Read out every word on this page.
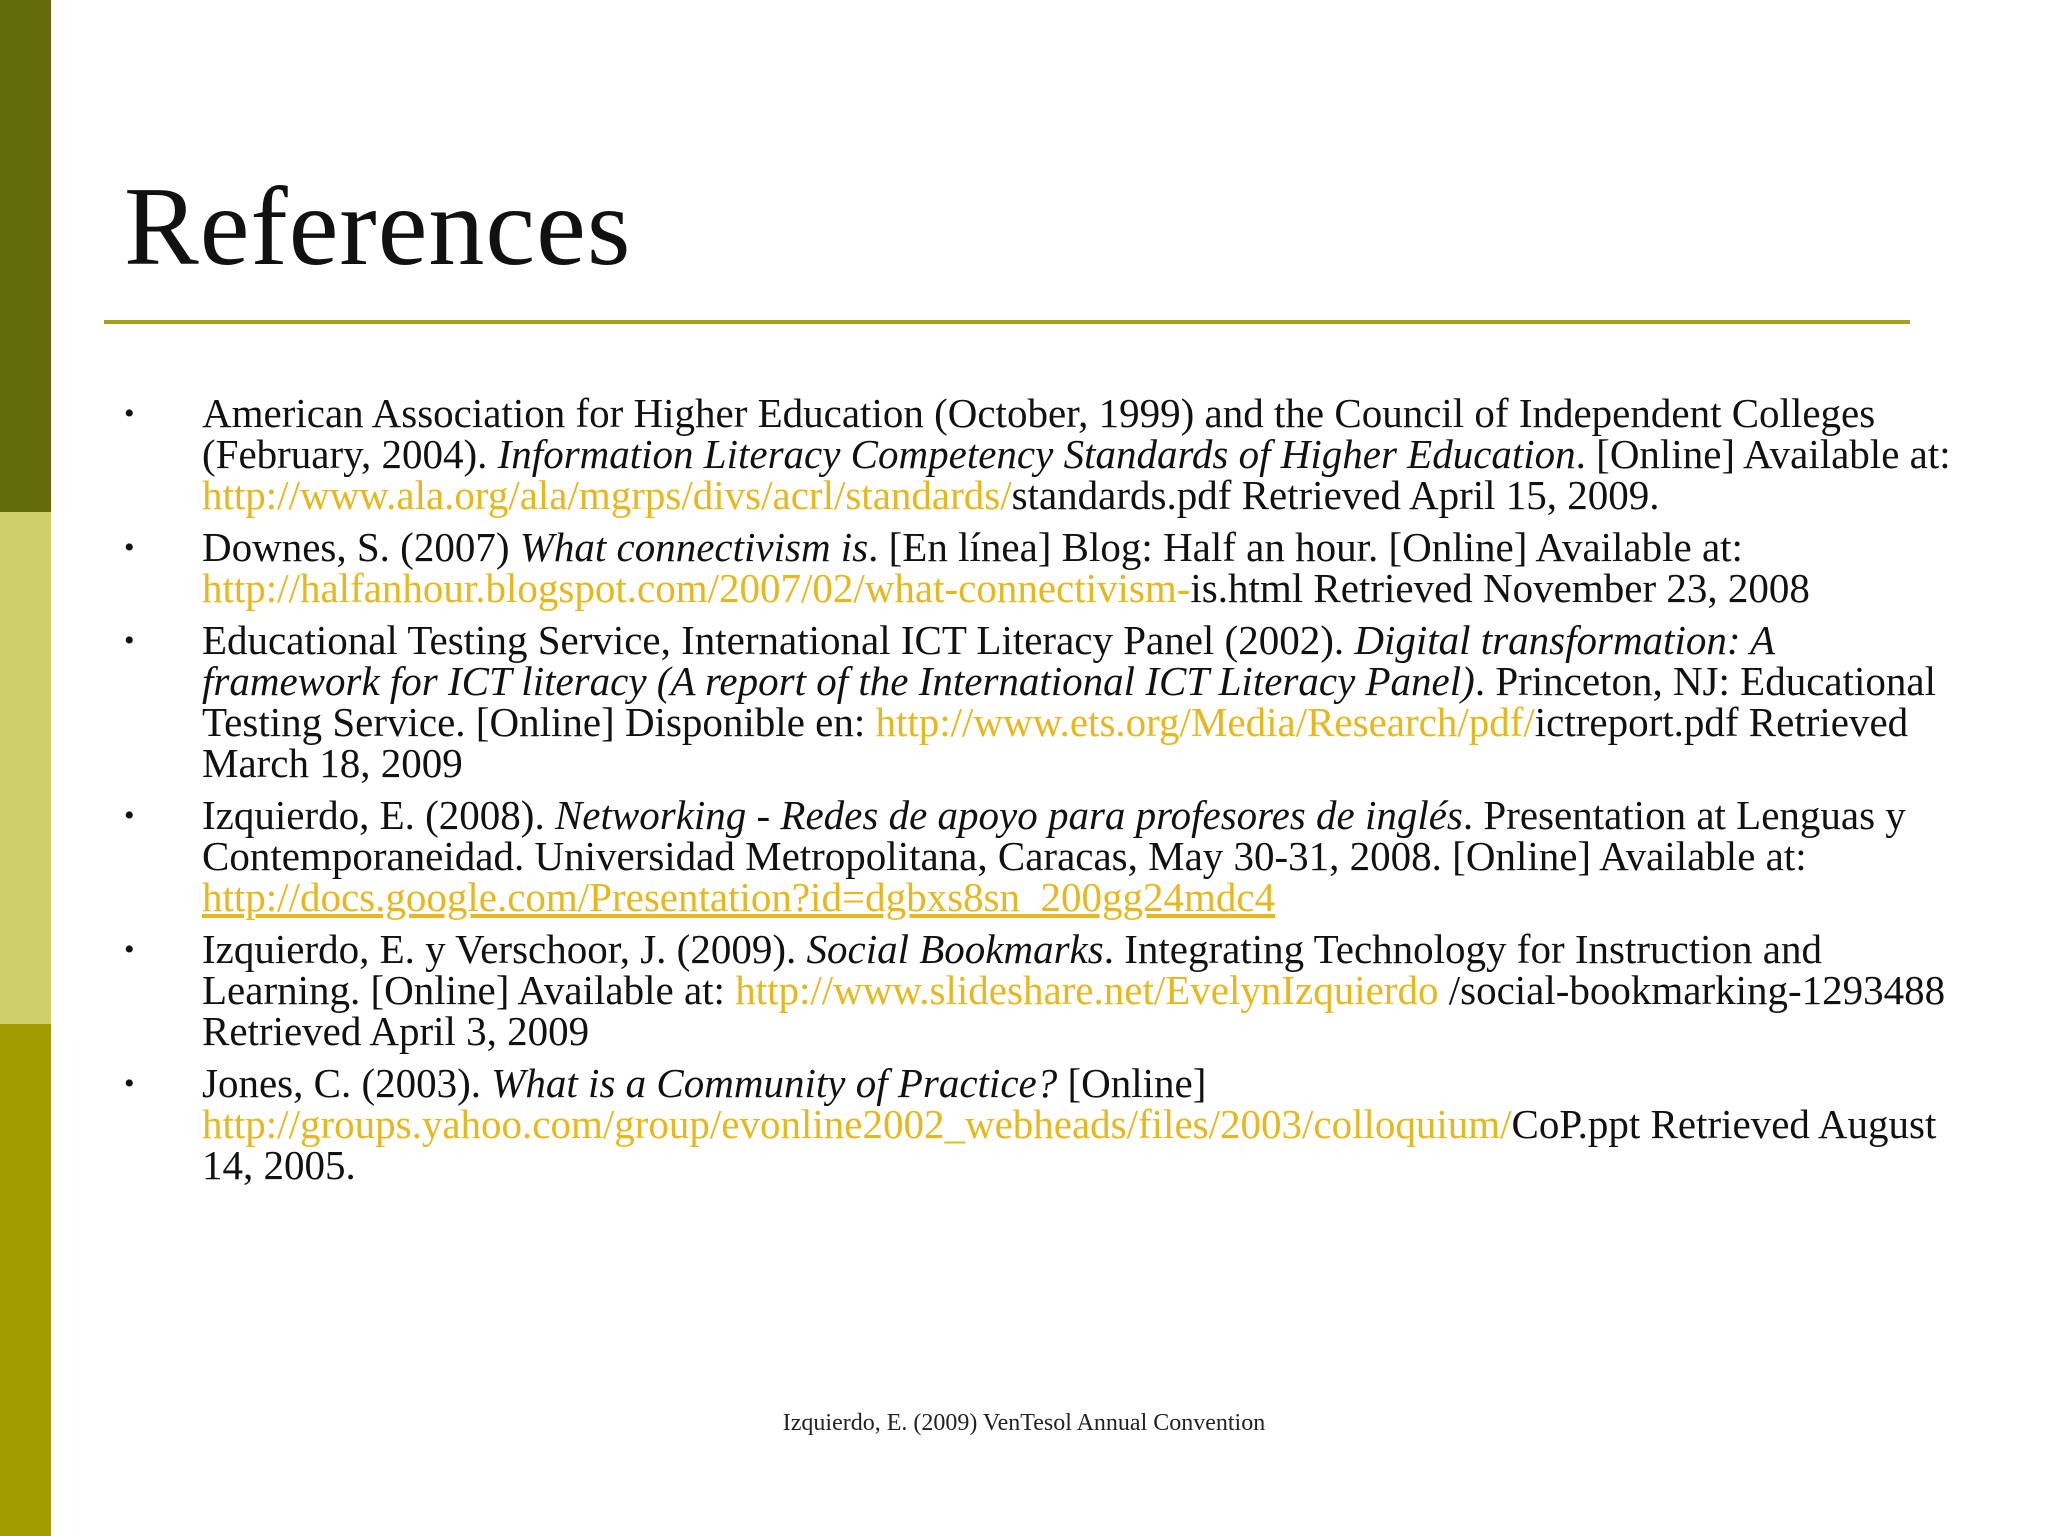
References
• American Association for Higher Education (October, 1999) and the Council of Independent Colleges (February, 2004). Information Literacy Competency Standards of Higher Education. [Online] Available at: http://www.ala.org/ala/mgrps/divs/acrl/standards/standards.pdf Retrieved April 15, 2009.
• Downes, S. (2007) What connectivism is. [En línea] Blog: Half an hour. [Online] Available at: http://halfanhour.blogspot.com/2007/02/what-connectivism-is.html Retrieved November 23, 2008
• Educational Testing Service, International ICT Literacy Panel (2002). Digital transformation: A framework for ICT literacy (A report of the International ICT Literacy Panel). Princeton, NJ: Educational Testing Service. [Online] Disponible en: http://www.ets.org/Media/Research/pdf/ictreport.pdf Retrieved March 18, 2009
• Izquierdo, E. (2008). Networking - Redes de apoyo para profesores de inglés. Presentation at Lenguas y Contemporaneidad. Universidad Metropolitana, Caracas, May 30-31, 2008. [Online] Available at: http://docs.google.com/Presentation?id=dgbxs8sn_200gg24mdc4
• Izquierdo, E. y Verschoor, J. (2009). Social Bookmarks. Integrating Technology for Instruction and Learning. [Online] Available at: http://www.slideshare.net/EvelynIzquierdo /social-bookmarking-1293488 Retrieved April 3, 2009
• Jones, C. (2003). What is a Community of Practice? [Online] http://groups.yahoo.com/group/evonline2002_webheads/files/2003/colloquium/CoP.ppt Retrieved August 14, 2005.
Izquierdo, E. (2009) VenTesol Annual Convention
